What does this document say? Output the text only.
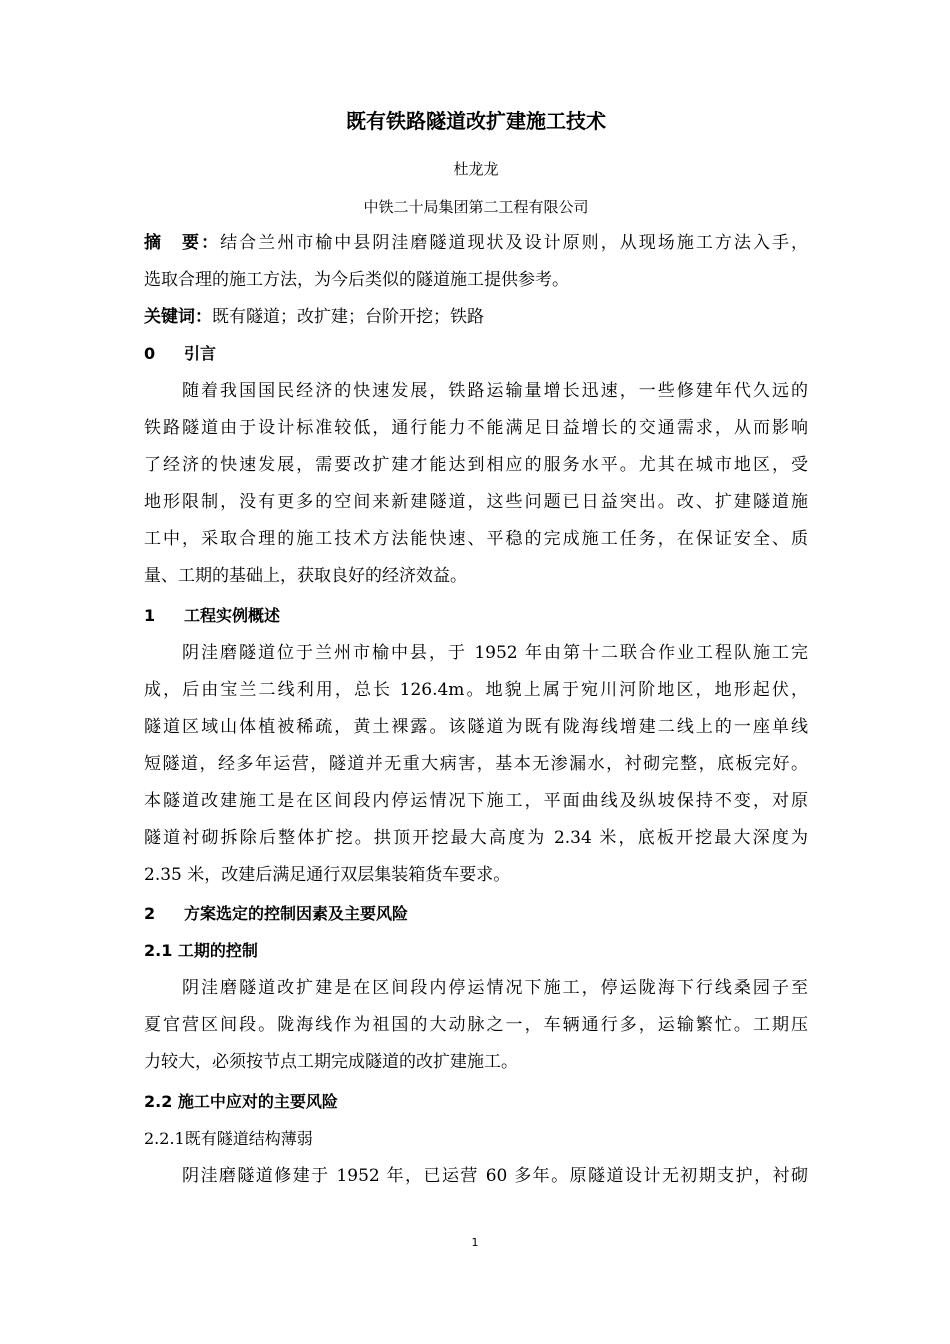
既有铁路隧道改扩建施工技术
杜龙龙
中铁二十局集团第二工程有限公司
摘　要：结合兰州市榆中县阴洼磨隧道现状及设计原则，从现场施工方法入手，
选取合理的施工方法，为今后类似的隧道施工提供参考。
关键词：既有隧道；改扩建；台阶开挖；铁路
0 引言
随着我国国民经济的快速发展，铁路运输量增长迅速，一些修建年代久远的
铁路隧道由于设计标准较低，通行能力不能满足日益增长的交通需求，从而影响
了经济的快速发展，需要改扩建才能达到相应的服务水平。尤其在城市地区，受
地形限制，没有更多的空间来新建隧道，这些问题已日益突出。改、扩建隧道施
工中，采取合理的施工技术方法能快速、平稳的完成施工任务，在保证安全、质
量、工期的基础上，获取良好的经济效益。
1 工程实例概述
阴洼磨隧道位于兰州市榆中县，于 1952 年由第十二联合作业工程队施工完
成，后由宝兰二线利用，总长 126.4m。地貌上属于宛川河阶地区，地形起伏，
隧道区域山体植被稀疏，黄土裸露。该隧道为既有陇海线增建二线上的一座单线
短隧道，经多年运营，隧道并无重大病害，基本无渗漏水，衬砌完整，底板完好。
本隧道改建施工是在区间段内停运情况下施工，平面曲线及纵坡保持不变，对原
隧道衬砌拆除后整体扩挖。拱顶开挖最大高度为 2.34 米，底板开挖最大深度为
2.35 米，改建后满足通行双层集装箱货车要求。
2 方案选定的控制因素及主要风险
2.1 工期的控制
阴洼磨隧道改扩建是在区间段内停运情况下施工，停运陇海下行线桑园子至
夏官营区间段。陇海线作为祖国的大动脉之一，车辆通行多，运输繁忙。工期压
力较大，必须按节点工期完成隧道的改扩建施工。
2.2 施工中应对的主要风险
2.2.1既有隧道结构薄弱
阴洼磨隧道修建于 1952 年，已运营 60 多年。原隧道设计无初期支护，衬砌
1
